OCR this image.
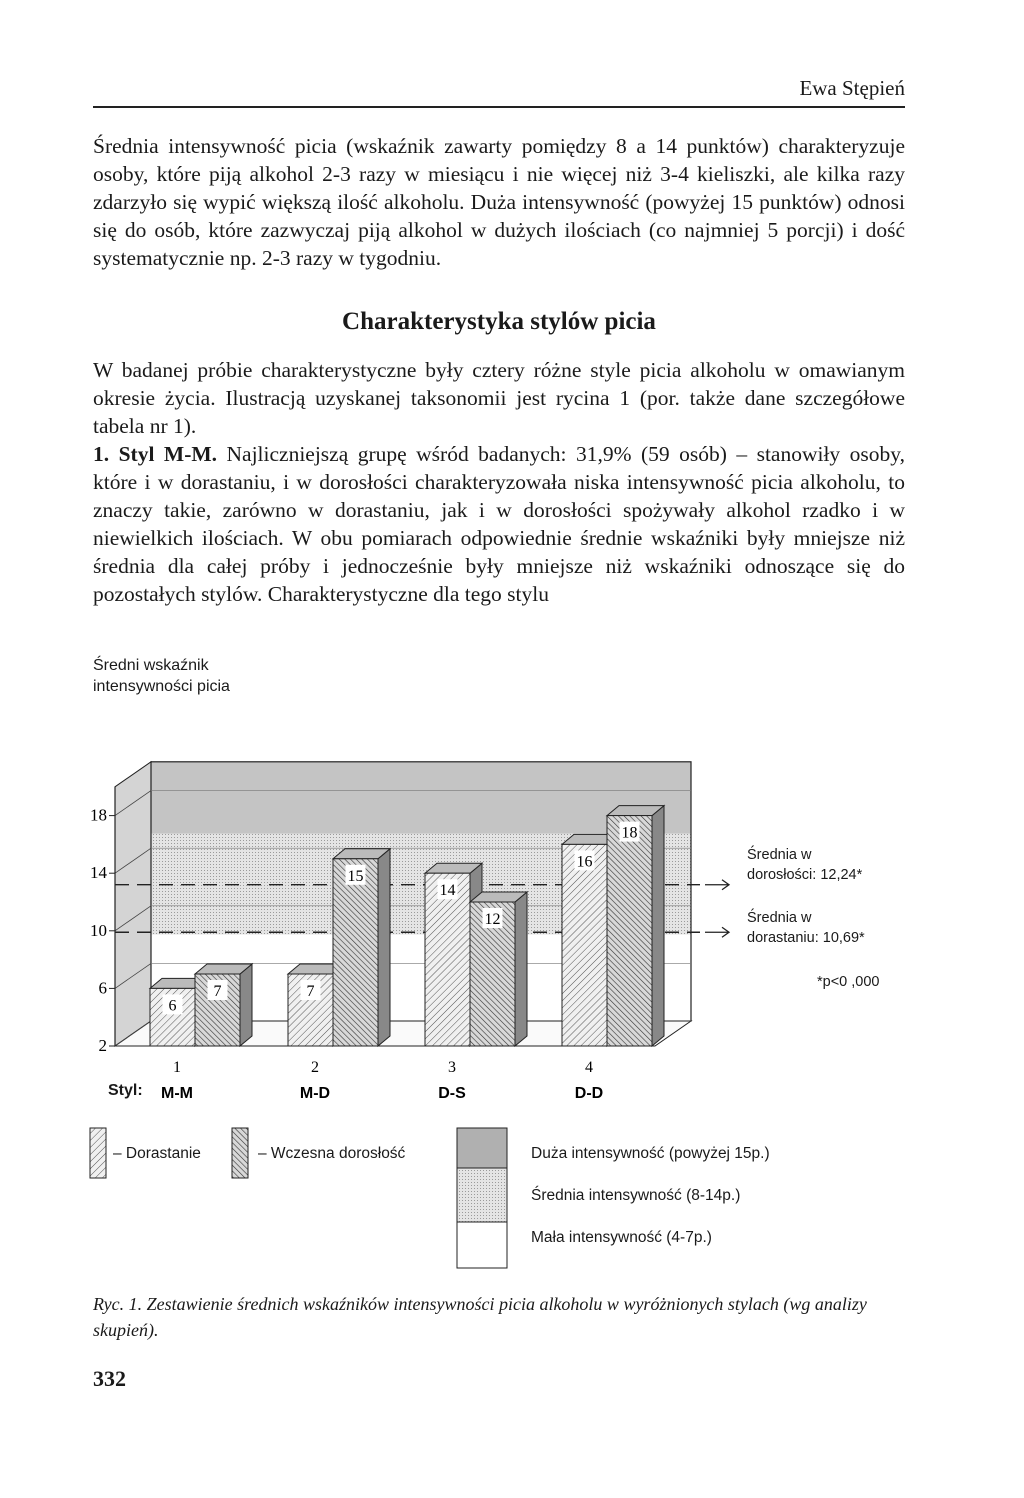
Ewa Stępień

Średnia intensywność picia (wskaźnik zawarty pomiędzy 8 a 14 punktów) charakteryzuje osoby, które piją alkohol 2-3 razy w miesiącu i nie więcej niż 3-4 kieliszki, ale kilka razy zdarzyło się wypić większą ilość alkoholu. Duża intensywność (powyżej 15 punktów) odnosi się do osób, które zazwyczaj piją alkohol w dużych ilościach (co najmniej 5 porcji) i dość systematycznie np. 2-3 razy w tygodniu.

Charakterystyka stylów picia

W badanej próbie charakterystyczne były cztery różne style picia alkoholu w omawianym okresie życia. Ilustracją uzyskanej taksonomii jest rycina 1 (por. także dane szczegółowe tabela nr 1).

1. Styl M-M. Najliczniejszą grupę wśród badanych: 31,9% (59 osób) – stanowiły osoby, które i w dorastaniu, i w dorosłości charakteryzowała niska intensywność picia alkoholu, to znaczy takie, zarówno w dorastaniu, jak i w dorosłości spożywały alkohol rzadko i w niewielkich ilościach. W obu pomiarach odpowiednie średnie wskaźniki były mniejsze niż średnia dla całej próby i jednocześnie były mniejsze niż wskaźniki odnoszące się do pozostałych stylów. Charakterystyczne dla tego stylu

Średni wskaźnik
intensywności picia
2
6
10
14
18
6
7
1
M-M
7
15
2
M-D
14
12
3
D-S
16
18
4
D-D
Średnia w
dorosłości: 12,24*
Średnia w
dorastaniu: 10,69*
*p<0 ,000
Styl:
– Dorastanie	– Wczesna dorosłość	Duża intensywność (powyżej 15p.)
Średnia intensywność (8-14p.)
Mała intensywność (4-7p.)
Ryc. 1. Zestawienie średnich wskaźników intensywności picia alkoholu w wyróżnionych stylach (wg analizy skupień).
332
